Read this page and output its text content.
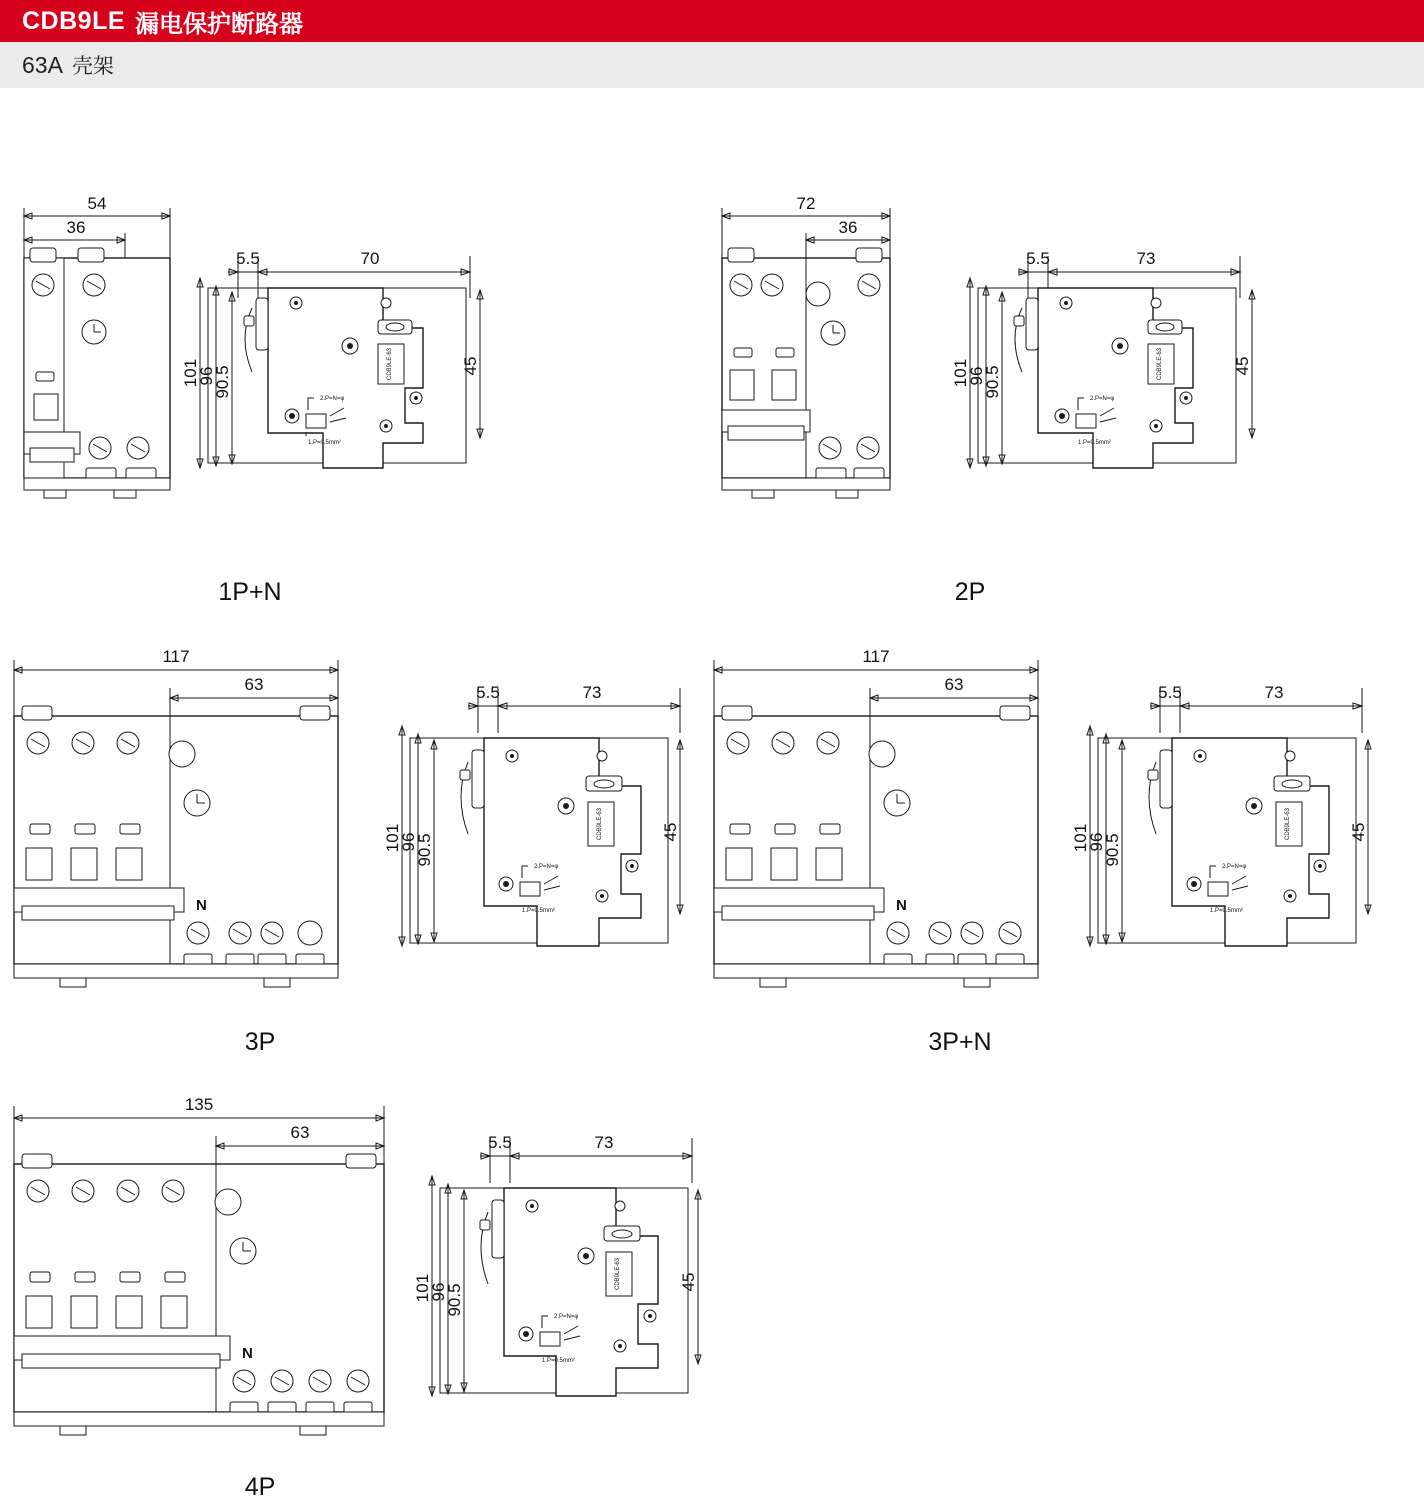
CDB9LE 漏电保护断路器
63A 壳架
54
36
5.5	70
101
96
90.5	45
CDB9LE-63
2.P=N=φ
1.P=0.5mm²
1P+N
72
36
5.5	73
101
96
90.5	45
CDB9LE-63
2.P=N=φ
1.P=0.5mm²
2P
117
63
N
5.5	73
101
96
90.5
45
CDB9LE-63
2.P=N=φ
1.P=0.5mm²
3P
117
63
N
5.5	73
101
96
90.5
45
CDB9LE-63
2.P=N=φ
1.P=0.5mm²
3P+N
135
63
N
5.5	73
101
96
90.5
45
CDB9LE-63
2.P=N=φ
1.P=0.5mm²
4P
